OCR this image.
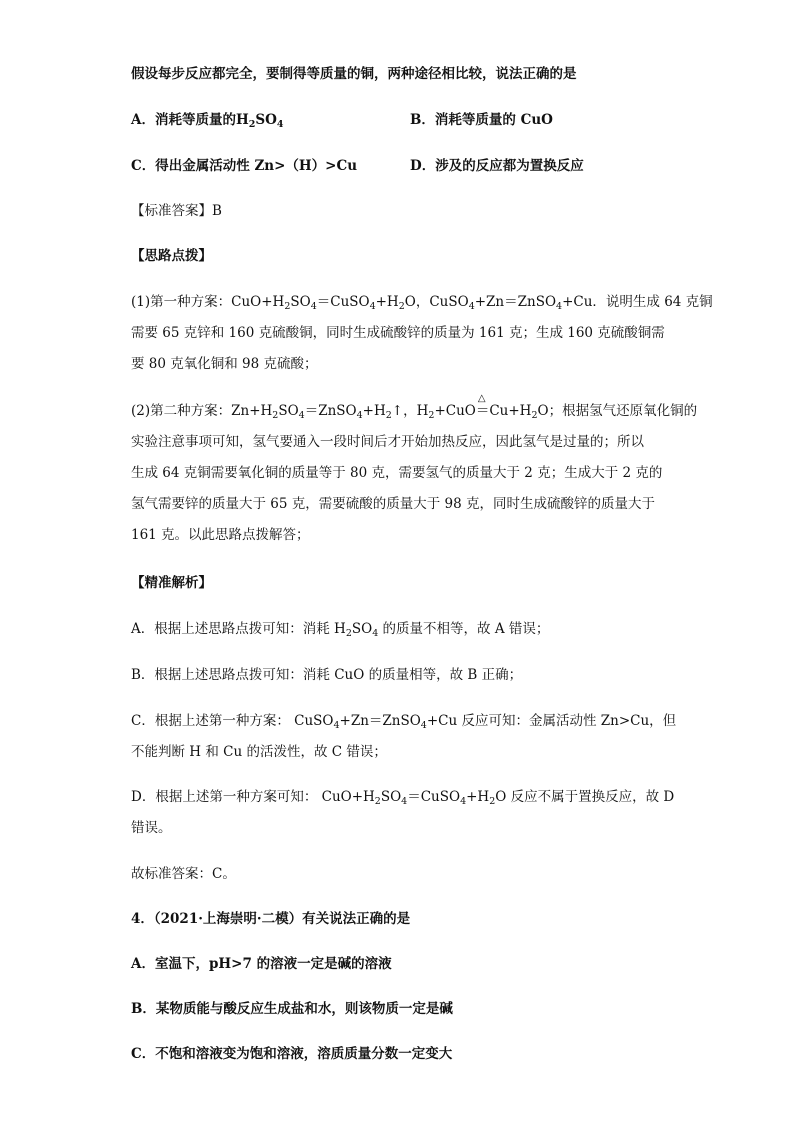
假设每步反应都完全，要制得等质量的铜，两种途径相比较，说法正确的是
A．消耗等质量的$H_2SO_4$	B．消耗等质量的 CuO
C．得出金属活动性 Zn>（H）>Cu	D．涉及的反应都为置换反应
【标准答案】B
【思路点拨】
(1)第一种方案：$CuO+H_2SO_4=CuSO_4+H_2O$，CuSO$_4$+Zn＝ZnSO$_4$+Cu．说明生成 64 克铜
需要 65 克锌和 160 克硫酸铜，同时生成硫酸锌的质量为 161 克；生成 160 克硫酸铜需
要 80 克氧化铜和 98 克硫酸；
(2)第二种方案：$Zn+H_2SO_4=ZnSO_4+H_2↑$，$H_2+CuO$
△
$=Cu+H_2O$；根据氢气还原氧化铜的
实验注意事项可知，氢气要通入一段时间后才开始加热反应，因此氢气是过量的；所以
生成 64 克铜需要氧化铜的质量等于 80 克，需要氢气的质量大于 2 克；生成大于 2 克的
氢气需要锌的质量大于 65 克，需要硫酸的质量大于 98 克，同时生成硫酸锌的质量大于
161 克。以此思路点拨解答；
【精准解析】
A．根据上述思路点拨可知：消耗 $H_2SO_4$ 的质量不相等，故 A 错误；
B．根据上述思路点拨可知：消耗 CuO 的质量相等，故 B 正确；
C．根据上述第一种方案： CuSO$_4$+Zn＝ZnSO$_4$+Cu 反应可知：金属活动性 Zn>Cu，但
不能判断 H 和 Cu 的活泼性，故 C 错误；
D．根据上述第一种方案可知： $CuO+H_2SO_4=CuSO_4+H_2O$ 反应不属于置换反应，故 D
错误。
故标准答案：C。
4．（2021·上海崇明·二模）有关说法正确的是
A．室温下，pH>7 的溶液一定是碱的溶液
B．某物质能与酸反应生成盐和水，则该物质一定是碱
C．不饱和溶液变为饱和溶液，溶质质量分数一定变大
